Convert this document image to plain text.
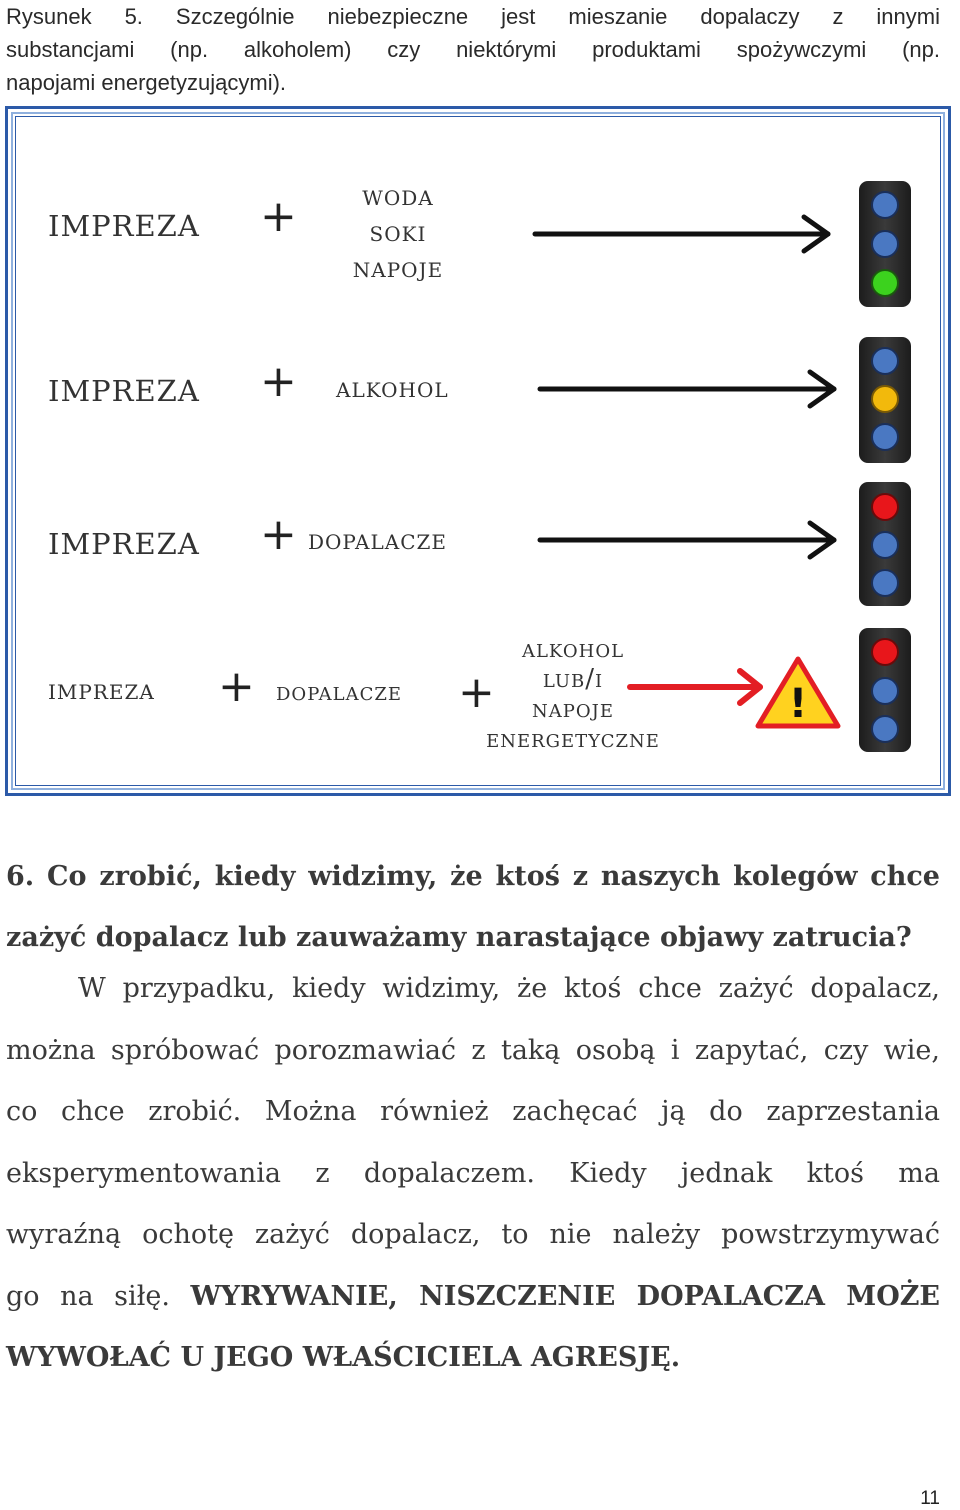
Rysunek 5. Szczególnie niebezpieczne jest mieszanie dopalaczy z innymi
substancjami (np. alkoholem) czy niektórymi produktami spożywczymi (np.
napojami energetyzującymi).
impreza +	woda
soki
napoje
impreza + alkohol
impreza + dopalacze
impreza + dopalacze +
alkohol
lub/i
napoje
energetyczne
!
6. Co zrobić, kiedy widzimy, że ktoś z naszych kolegów chce
zażyć dopalacz lub zauważamy narastające objawy zatrucia?
W przypadku, kiedy widzimy, że ktoś chce zażyć dopalacz,
można spróbować porozmawiać z taką osobą i zapytać, czy wie,
co chce zrobić. Można również zachęcać ją do zaprzestania
eksperymentowania z dopalaczem. Kiedy jednak ktoś ma
wyraźną ochotę zażyć dopalacz, to nie należy powstrzymywać
go na siłę. WYRYWANIE, NISZCZENIE DOPALACZA MOŻE
WYWOŁAĆ U JEGO WŁAŚCICIELA AGRESJĘ.
11
